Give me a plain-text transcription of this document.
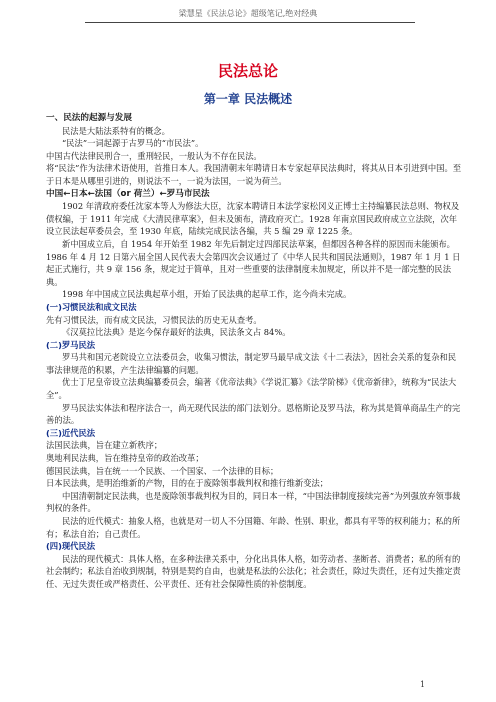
梁慧星《民法总论》超级笔记,绝对经典
民法总论
第一章 民法概述

一、民法的起源与发展

民法是大陆法系特有的概念。

“民法”一词起源于古罗马的“市民法”。

中国古代法律民刑合一，重刑轻民，一般认为不存在民法。

将“民法”作为法律术语使用，首推日本人。我国清朝末年聘请日本专家起草民法典时，将其从日本引进到中国。至于日本是从哪里引进的，则说法不一，一说为法国，一说为荷兰。

中国←日本←法国（or 荷兰）←罗马市民法

1902 年清政府委任沈家本等人为修法大臣，沈家本聘请日本法学家松冈义正博士主持编纂民法总则、物权及债权编，于 1911 年完成《大清民律草案》，但未及颁布，清政府灭亡。1928 年南京国民政府成立立法院，次年设立民法起草委员会，至 1930 年底，陆续完成民法各编，共 5 编 29 章 1225 条。

新中国成立后，自 1954 年开始至 1982 年先后制定过四部民法草案，但都因各种各样的原因而未能颁布。1986 年 4 月 12 日第六届全国人民代表大会第四次会议通过了《中华人民共和国民法通则》，1987 年 1 月 1 日起正式施行，共 9 章 156 条，规定过于简单，且对一些重要的法律制度未加规定，所以并不是一部完整的民法典。

1998 年中国成立民法典起草小组，开始了民法典的起草工作，迄今尚未完成。

(一)习惯民法和成文民法

先有习惯民法，而有成文民法，习惯民法的历史无从查考。

《汉莫拉比法典》是迄今保存最好的法典，民法条文占 84%。

(二)罗马民法

罗马共和国元老院设立立法委员会，收集习惯法，制定罗马最早成文法《十二表法》，因社会关系的复杂和民事法律规范的积累，产生法律编纂的问题。

优士丁尼皇帝设立法典编纂委员会，编著《优帝法典》《学说汇纂》《法学阶梯》《优帝新律》，统称为“民法大全”。

罗马民法实体法和程序法合一，尚无现代民法的部门法划分。恩格斯论及罗马法，称为其是简单商品生产的完善的法。

(三)近代民法

法国民法典，旨在建立新秩序；

奥地利民法典，旨在维持皇帝的政治改革；

德国民法典，旨在统一一个民族、一个国家、一个法律的目标；

日本民法典，是明治维新的产物，目的在于废除领事裁判权和推行维新变法；

中国清朝制定民法典，也是废除领事裁判权为目的，同日本一样，“中国法律制度接续完善”为列强放弃领事裁判权的条件。

民法的近代模式：抽象人格，也就是对一切人不分国籍、年龄、性别、职业，都具有平等的权利能力；私的所有；私法自治；自己责任。

(四)现代民法

民法的现代模式：具体人格，在多种法律关系中，分化出具体人格，如劳动者、垄断者、消费者；私的所有的社会制约；私法自治收到规制，特别是契约自由，也就是私法的公法化；社会责任，除过失责任，还有过失推定责任、无过失责任或严格责任、公平责任、还有社会保障性质的补偿制度。

1
